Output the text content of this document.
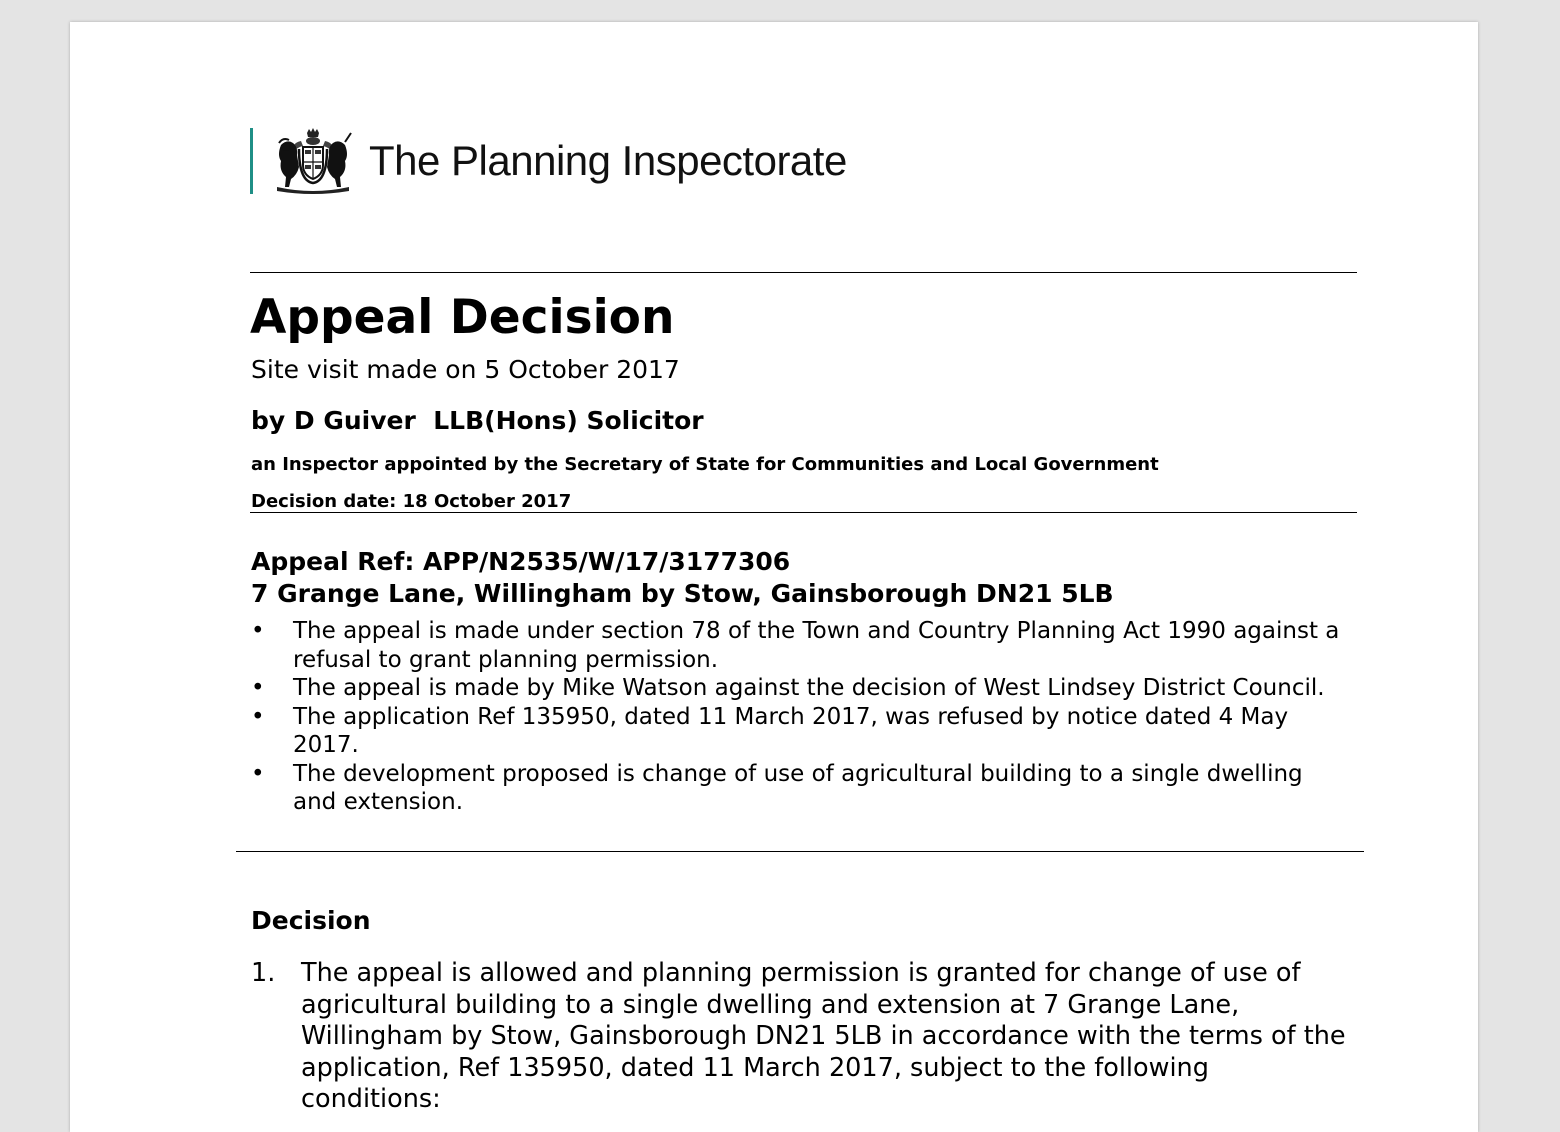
The Planning Inspectorate
Appeal Decision
Site visit made on 5 October 2017
by D Guiver  LLB(Hons) Solicitor
an Inspector appointed by the Secretary of State for Communities and Local Government
Decision date: 18 October 2017
Appeal Ref: APP/N2535/W/17/3177306
7 Grange Lane, Willingham by Stow, Gainsborough DN21 5LB
• The appeal is made under section 78 of the Town and Country Planning Act 1990 against a refusal to grant planning permission.
• The appeal is made by Mike Watson against the decision of West Lindsey District Council.
• The application Ref 135950, dated 11 March 2017, was refused by notice dated 4 May 2017.
• The development proposed is change of use of agricultural building to a single dwelling and extension.
Decision
1. The appeal is allowed and planning permission is granted for change of use of agricultural building to a single dwelling and extension at 7 Grange Lane, Willingham by Stow, Gainsborough DN21 5LB in accordance with the terms of the application, Ref 135950, dated 11 March 2017, subject to the following conditions:
